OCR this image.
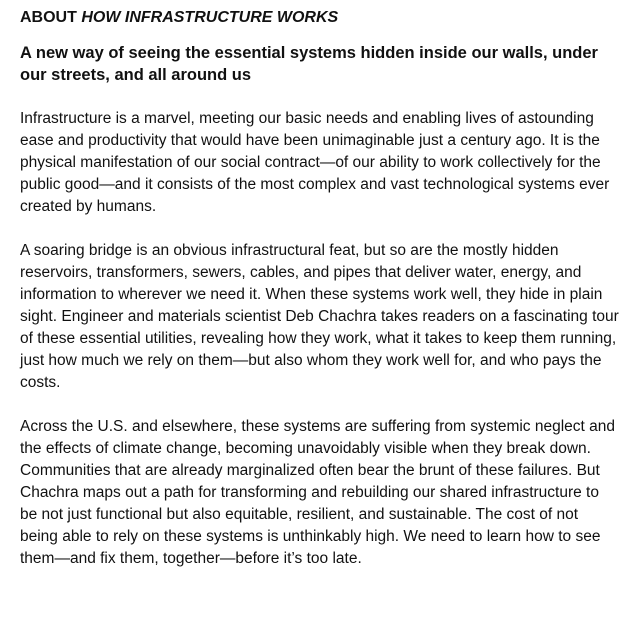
ABOUT HOW INFRASTRUCTURE WORKS
A new way of seeing the essential systems hidden inside our walls, under our streets, and all around us

Infrastructure is a marvel, meeting our basic needs and enabling lives of astounding ease and productivity that would have been unimaginable just a century ago. It is the physical manifestation of our social contract—of our ability to work collectively for the public good—and it consists of the most complex and vast technological systems ever created by humans.

A soaring bridge is an obvious infrastructural feat, but so are the mostly hidden reservoirs, transformers, sewers, cables, and pipes that deliver water, energy, and information to wherever we need it. When these systems work well, they hide in plain sight. Engineer and materials scientist Deb Chachra takes readers on a fascinating tour of these essential utilities, revealing how they work, what it takes to keep them running, just how much we rely on them—but also whom they work well for, and who pays the costs.

Across the U.S. and elsewhere, these systems are suffering from systemic neglect and the effects of climate change, becoming unavoidably visible when they break down. Communities that are already marginalized often bear the brunt of these failures. But Chachra maps out a path for transforming and rebuilding our shared infrastructure to be not just functional but also equitable, resilient, and sustainable. The cost of not being able to rely on these systems is unthinkably high. We need to learn how to see them—and fix them, together—before it’s too late.
